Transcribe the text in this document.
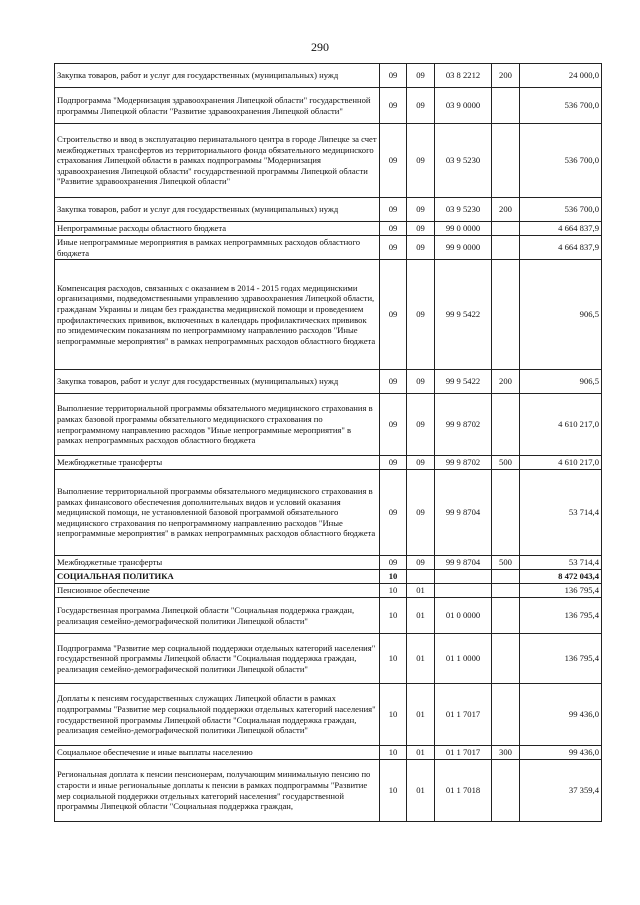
290
Закупка товаров, работ и услуг для государственных (муниципальных) нужд	09	09	03 8 2212	200	24 000,0
Подпрограмма "Модернизация здравоохранения Липецкой области" государственной программы Липецкой области "Развитие здравоохранения Липецкой области"	09	09	03 9 0000		536 700,0
Строительство и ввод в эксплуатацию перинатального центра в городе Липецке за счет межбюджетных трансфертов из территориального фонда обязательного медицинского страхования Липецкой области в рамках подпрограммы "Модернизация здравоохранения Липецкой области" государственной программы Липецкой области "Развитие здравоохранения Липецкой области"	09	09	03 9 5230		536 700,0
Закупка товаров, работ и услуг для государственных (муниципальных) нужд	09	09	03 9 5230	200	536 700,0
Непрограммные расходы областного бюджета	09	09	99 0 0000		4 664 837,9
Иные непрограммные мероприятия в рамках непрограммных расходов областного бюджета	09	09	99 9 0000		4 664 837,9
Компенсация расходов, связанных с оказанием в 2014 - 2015 годах медицинскими организациями, подведомственными управлению здравоохранения Липецкой области, гражданам Украины и лицам без гражданства медицинской помощи и проведением профилактических прививок, включенных в календарь профилактических прививок по эпидемическим показаниям по непрограммному направлению расходов "Иные непрограммные мероприятия" в рамках непрограммных расходов областного бюджета	09	09	99 9 5422		906,5
Закупка товаров, работ и услуг для государственных (муниципальных) нужд	09	09	99 9 5422	200	906,5
Выполнение территориальной программы обязательного медицинского страхования в рамках базовой программы обязательного медицинского страхования по непрограммному направлению расходов "Иные непрограммные мероприятия" в рамках непрограммных расходов областного бюджета	09	09	99 9 8702		4 610 217,0
Межбюджетные трансферты	09	09	99 9 8702	500	4 610 217,0
Выполнение территориальной программы обязательного медицинского страхования в рамках финансового обеспечения дополнительных видов и условий оказания медицинской помощи, не установленной базовой программой обязательного медицинского страхования по непрограммному направлению расходов "Иные непрограммные мероприятия" в рамках непрограммных расходов областного бюджета	09	09	99 9 8704		53 714,4
Межбюджетные трансферты	09	09	99 9 8704	500	53 714,4
СОЦИАЛЬНАЯ ПОЛИТИКА	10				8 472 043,4
Пенсионное обеспечение	10	01			136 795,4
Государственная программа Липецкой области "Социальная поддержка граждан, реализация семейно-демографической политики Липецкой области"	10	01	01 0 0000		136 795,4
Подпрограмма "Развитие мер социальной поддержки отдельных категорий населения" государственной программы Липецкой области "Социальная поддержка граждан, реализация семейно-демографической политики Липецкой области"	10	01	01 1 0000		136 795,4
Доплаты к пенсиям государственных служащих Липецкой области в рамках подпрограммы "Развитие мер социальной поддержки отдельных категорий населения" государственной программы Липецкой области "Социальная поддержка граждан, реализация семейно-демографической политики Липецкой области"	10	01	01 1 7017		99 436,0
Социальное обеспечение и иные выплаты населению	10	01	01 1 7017	300	99 436,0
Региональная доплата к пенсии пенсионерам, получающим минимальную пенсию по старости и иные региональные доплаты к пенсии в рамках подпрограммы "Развитие мер социальной поддержки отдельных категорий населения" государственной программы Липецкой области "Социальная поддержка граждан,	10	01	01 1 7018		37 359,4
